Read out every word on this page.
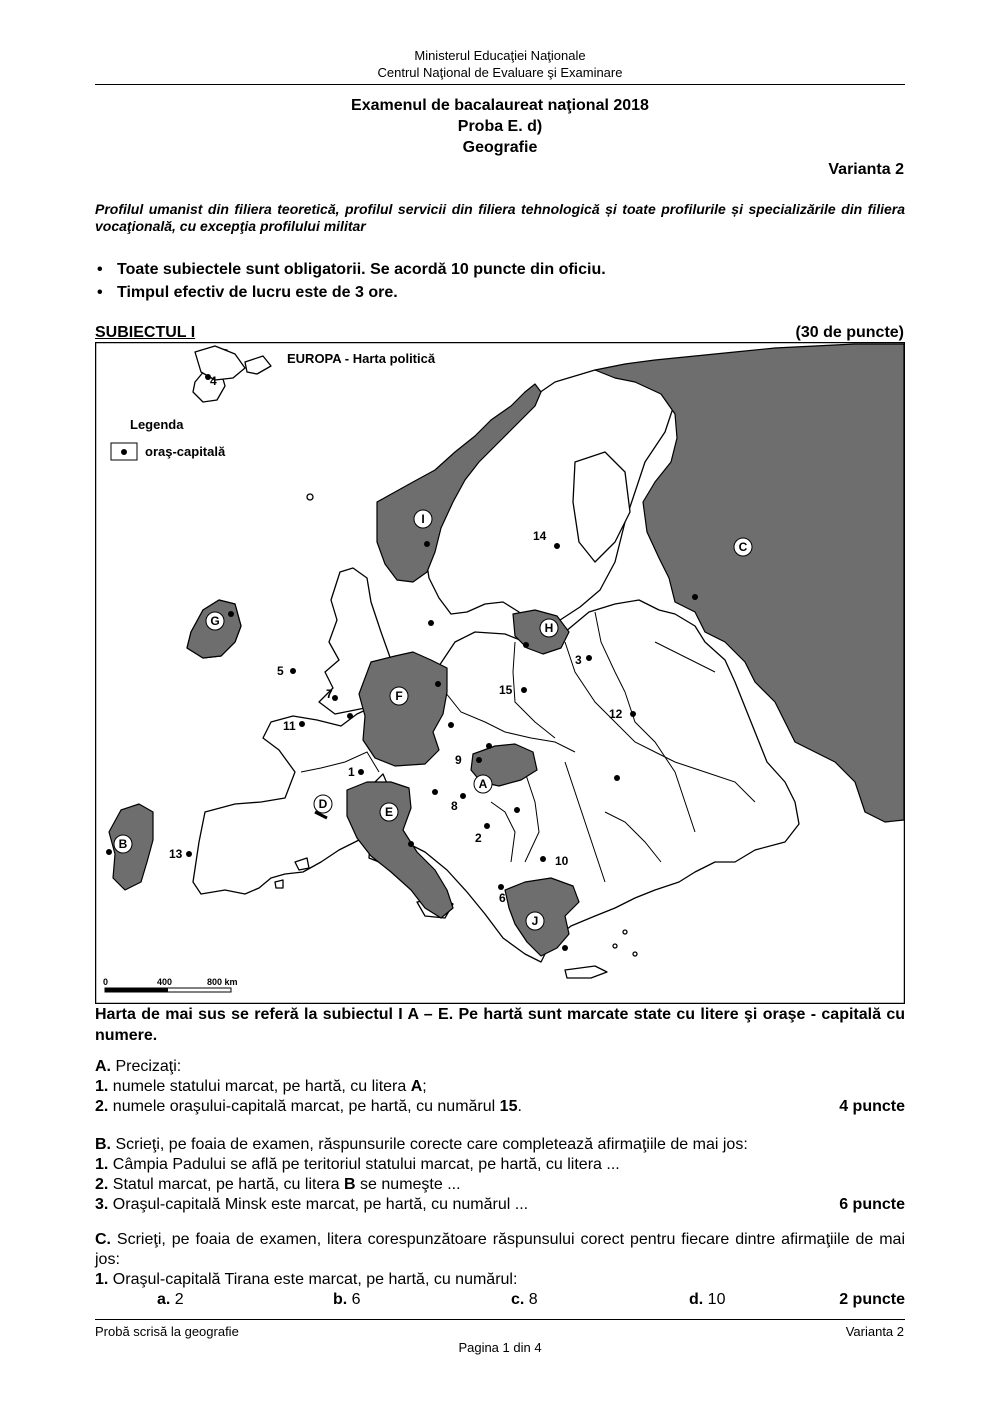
Ministerul Educaţiei Naţionale
Centrul Naţional de Evaluare şi Examinare
Examenul de bacalaureat naţional 2018
Proba E. d)
Geografie
Varianta 2
Profilul umanist din filiera teoretică, profilul servicii din filiera tehnologică și toate profilurile și specializările din filiera vocaţională, cu excepţia profilului militar
• Toate subiectele sunt obligatorii. Se acordă 10 puncte din oficiu.
• Timpul efectiv de lucru este de 3 ore.
SUBIECTUL I	(30 de puncte)
A
B
C
D
E
F
G	H
I
J
1
2
3
4
5
6
7
8
9
10
11
12
13
14
15
EUROPA - Harta politică
Legenda
oraş-capitală
0	400	800 km
Harta de mai sus se referă la subiectul I A – E. Pe hartă sunt marcate state cu litere şi oraşe - capitală cu numere.
A. Precizaţi:
1. numele statului marcat, pe hartă, cu litera A;
2. numele oraşului-capitală marcat, pe hartă, cu numărul 15.	4 puncte
B. Scrieţi, pe foaia de examen, răspunsurile corecte care completează afirmaţiile de mai jos:
1. Câmpia Padului se află pe teritoriul statului marcat, pe hartă, cu litera ...
2. Statul marcat, pe hartă, cu litera B se numeşte ...
3. Oraşul-capitală Minsk este marcat, pe hartă, cu numărul ...	6 puncte
C. Scrieţi, pe foaia de examen, litera corespunzătoare răspunsului corect pentru fiecare dintre afirmaţiile de mai jos:
1. Oraşul-capitală Tirana este marcat, pe hartă, cu numărul:
a. 2	b. 6	c. 8	d. 10	2 puncte
Probă scrisă la geografie	Varianta 2
Pagina 1 din 4
